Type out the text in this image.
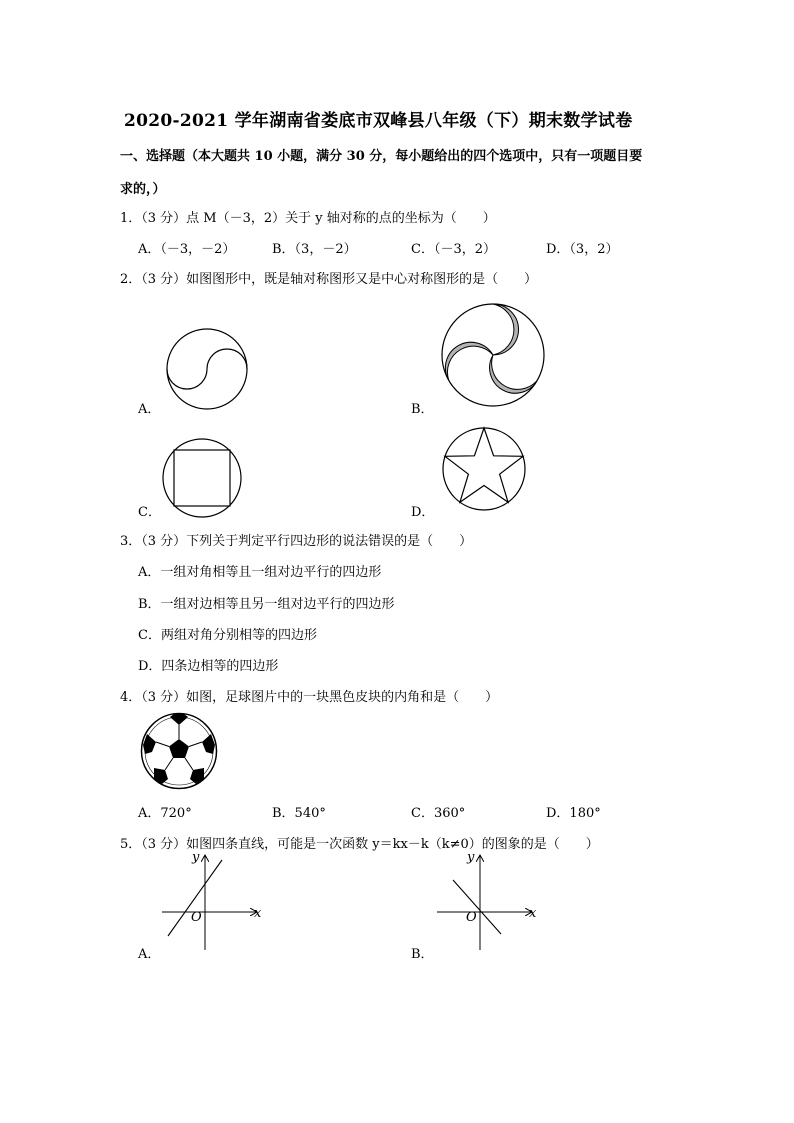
2020-2021 学年湖南省娄底市双峰县八年级（下）期末数学试卷
一、选择题（本大题共 10 小题，满分 30 分，每小题给出的四个选项中，只有一项题目要
求的，）
1．（3 分）点 M（－3，2）关于 y 轴对称的点的坐标为（　　）
A．（－3，－2）	B．（3，－2）	C．（－3，2）	D．（3，2）
2．（3 分）如图图形中，既是轴对称图形又是中心对称图形的是（　　）
A．	B．
C．	D．
3．（3 分）下列关于判定平行四边形的说法错误的是（　　）
A．一组对角相等且一组对边平行的四边形
B．一组对边相等且另一组对边平行的四边形
C．两组对角分别相等的四边形
D．四条边相等的四边形
4．（3 分）如图，足球图片中的一块黑色皮块的内角和是（　　）
A．720°	B．540°	C．360°	D．180°
5．（3 分）如图四条直线，可能是一次函数 y＝kx－k（k≠0）的图象的是（　　）
y
x
O
A．
y
x
O
B．
